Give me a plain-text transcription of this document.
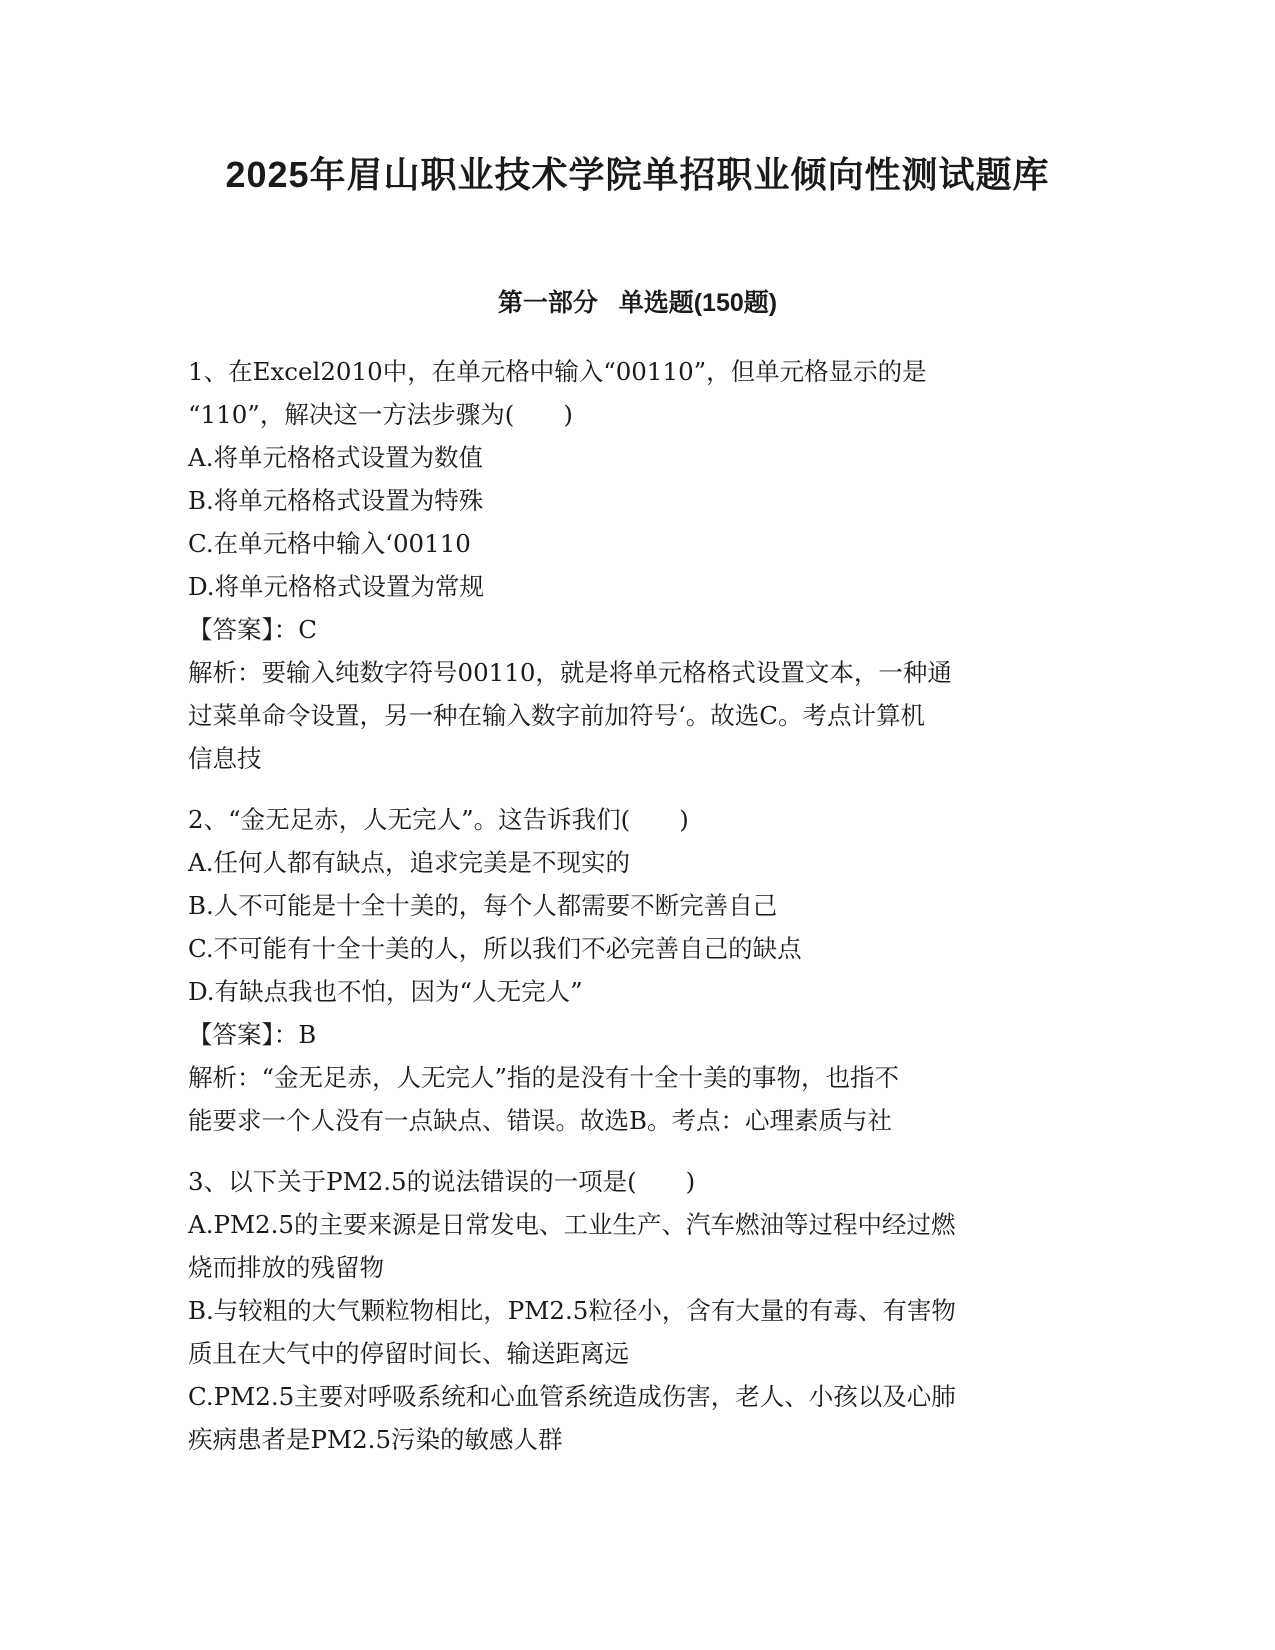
2025年眉山职业技术学院单招职业倾向性测试题库
第一部分   单选题(150题)
1、在Excel2010中，在单元格中输入“00110”，但单元格显示的是
“110”，解决这一方法步骤为(　　)
A.将单元格格式设置为数值
B.将单元格格式设置为特殊
C.在单元格中输入‘00110
D.将单元格格式设置为常规
【答案】：C
解析：要输入纯数字符号00110，就是将单元格格式设置文本，一种通
过菜单命令设置，另一种在输入数字前加符号‘。故选C。考点计算机
信息技
2、“金无足赤，人无完人”。这告诉我们(　　)
A.任何人都有缺点，追求完美是不现实的
B.人不可能是十全十美的，每个人都需要不断完善自己
C.不可能有十全十美的人，所以我们不必完善自己的缺点
D.有缺点我也不怕，因为“人无完人”
【答案】：B
解析：“金无足赤，人无完人”指的是没有十全十美的事物，也指不
能要求一个人没有一点缺点、错误。故选B。考点：心理素质与社
3、以下关于PM2.5的说法错误的一项是(　　)
A.PM2.5的主要来源是日常发电、工业生产、汽车燃油等过程中经过燃
烧而排放的残留物
B.与较粗的大气颗粒物相比，PM2.5粒径小，含有大量的有毒、有害物
质且在大气中的停留时间长、输送距离远
C.PM2.5主要对呼吸系统和心血管系统造成伤害，老人、小孩以及心肺
疾病患者是PM2.5污染的敏感人群
